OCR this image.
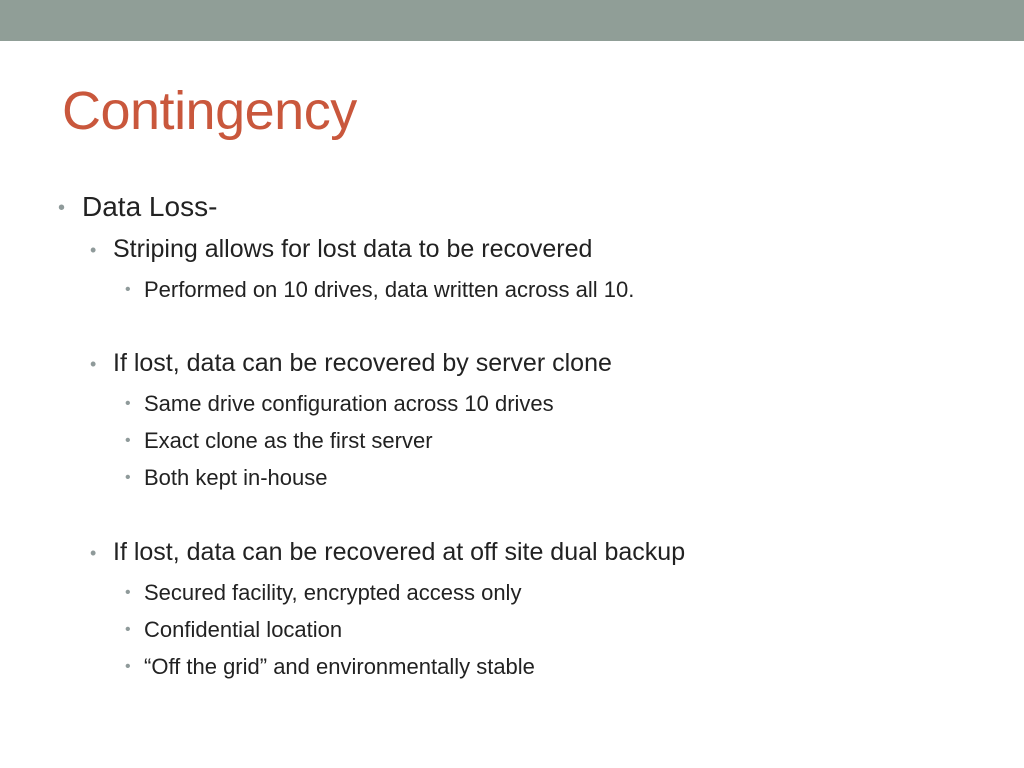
Contingency
• Data Loss-
• Striping allows for lost data to be recovered
• Performed on 10 drives, data written across all 10.
• If lost, data can be recovered by server clone
• Same drive configuration across 10 drives
• Exact clone as the first server
• Both kept in-house
• If lost, data can be recovered at off site dual backup
• Secured facility, encrypted access only
• Confidential location
• “Off the grid” and environmentally stable
